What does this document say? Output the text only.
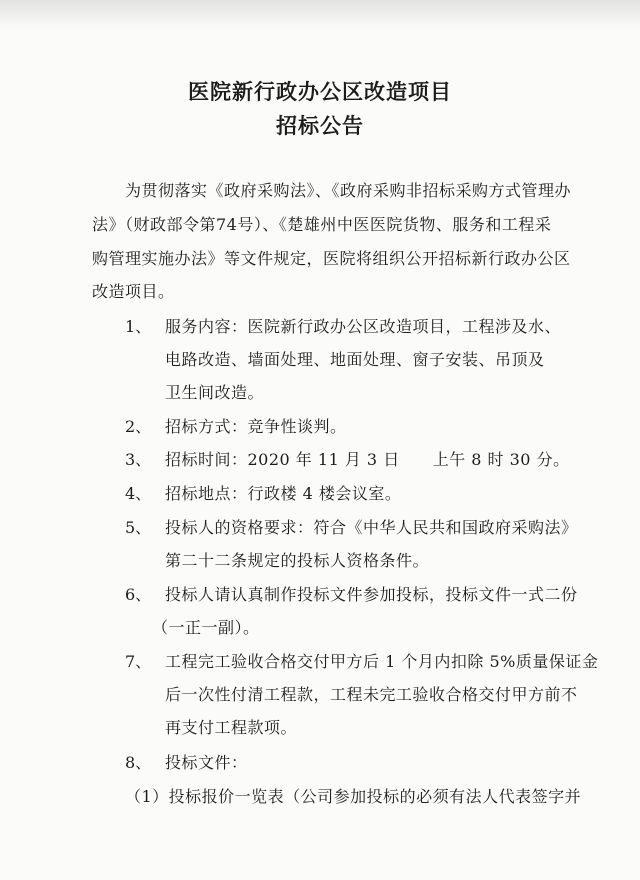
医院新行政办公区改造项目
招标公告
为贯彻落实《政府采购法》、《政府采购非招标采购方式管理办
法》（财政部令第74号）、《楚雄州中医医院货物、服务和工程采
购管理实施办法》等文件规定，医院将组织公开招标新行政办公区
改造项目。
1、 服务内容：医院新行政办公区改造项目，工程涉及水、
电路改造、墙面处理、地面处理、窗子安装、吊顶及
卫生间改造。
2、 招标方式：竞争性谈判。
3、 招标时间：2020 年 11 月 3 日　　上午 8 时 30 分。
4、 招标地点：行政楼 4 楼会议室。
5、 投标人的资格要求：符合《中华人民共和国政府采购法》
第二十二条规定的投标人资格条件。
6、 投标人请认真制作投标文件参加投标，投标文件一式二份
（一正一副）。
7、 工程完工验收合格交付甲方后 1 个月内扣除 5%质量保证金
后一次性付清工程款，工程未完工验收合格交付甲方前不
再支付工程款项。
8、 投标文件：
（1）投标报价一览表（公司参加投标的必须有法人代表签字并
